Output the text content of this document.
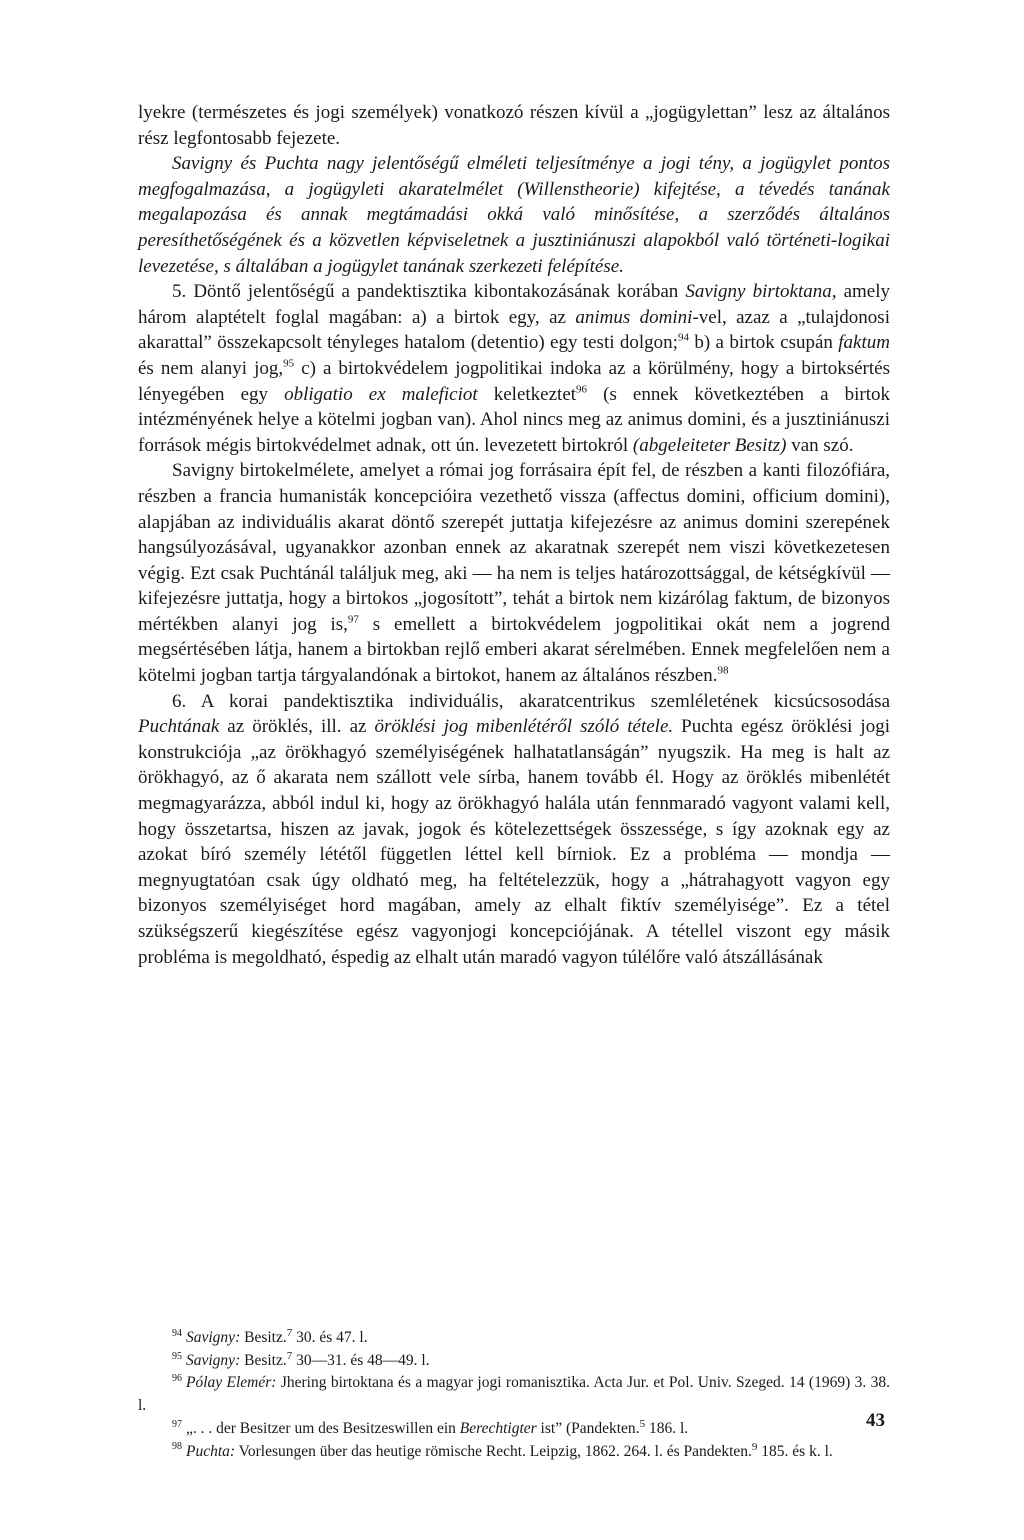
lyekre (természetes és jogi személyek) vonatkozó részen kívül a „jogügylettan” lesz az általános rész legfontosabb fejezete.

Savigny és Puchta nagy jelentőségű elméleti teljesítménye a jogi tény, a jogügylet pontos megfogalmazása, a jogügyleti akaratelmélet (Willenstheorie) kifejtése, a tévedés tanának megalapozása és annak megtámadási okká való minősítése, a szerződés általános peresíthetőségének és a közvetlen képviseletnek a jusztiniánuszi alapokból való történeti-logikai levezetése, s általában a jogügylet tanának szerkezeti felépítése.

5. Döntő jelentőségű a pandektisztika kibontakozásának korában Savigny birtoktana, amely három alaptételt foglal magában: a) a birtok egy, az animus domini-vel, azaz a „tulajdonosi akarattal” összekapcsolt tényleges hatalom (detentio) egy testi dolgon;$^{94}$ b) a birtok csupán faktum és nem alanyi jog,$^{95}$ c) a birtokvédelem jogpolitikai indoka az a körülmény, hogy a birtoksértés lényegében egy obligatio ex maleficiot keletkeztet$^{96}$ (s ennek következtében a birtok intézményének helye a kötelmi jogban van). Ahol nincs meg az animus domini, és a jusztiniánuszi források mégis birtokvédelmet adnak, ott ún. levezetett birtokról (abgeleiteter Besitz) van szó.

Savigny birtokelmélete, amelyet a római jog forrásaira épít fel, de részben a kanti filozófiára, részben a francia humanisták koncepcióira vezethető vissza (affectus domini, officium domini), alapjában az individuális akarat döntő szerepét juttatja kifejezésre az animus domini szerepének hangsúlyozásával, ugyanakkor azonban ennek az akaratnak szerepét nem viszi következetesen végig. Ezt csak Puchtánál találjuk meg, aki — ha nem is teljes határozottsággal, de kétségkívül — kifejezésre juttatja, hogy a birtokos „jogosított”, tehát a birtok nem kizárólag faktum, de bizonyos mértékben alanyi jog is,$^{97}$ s emellett a birtokvédelem jogpolitikai okát nem a jogrend megsértésében látja, hanem a birtokban rejlő emberi akarat sérelmében. Ennek megfelelően nem a kötelmi jogban tartja tárgyalandónak a birtokot, hanem az általános részben.$^{98}$

6. A korai pandektisztika individuális, akaratcentrikus szemléletének kicsúcsosodása Puchtának az öröklés, ill. az öröklési jog mibenlétéről szóló tétele. Puchta egész öröklési jogi konstrukciója „az örökhagyó személyiségének halhatatlanságán” nyugszik. Ha meg is halt az örökhagyó, az ő akarata nem szállott vele sírba, hanem tovább él. Hogy az öröklés mibenlétét megmagyarázza, abból indul ki, hogy az örökhagyó halála után fennmaradó vagyont valami kell, hogy összetartsa, hiszen az javak, jogok és kötelezettségek összessége, s így azoknak egy az azokat bíró személy lététől független léttel kell bírniok. Ez a probléma — mondja — megnyugtatóan csak úgy oldható meg, ha feltételezzük, hogy a „hátrahagyott vagyon egy bizonyos személyiséget hord magában, amely az elhalt fiktív személyisége”. Ez a tétel szükségszerű kiegészítése egész vagyonjogi koncepciójának. A tétellel viszont egy másik probléma is megoldható, éspedig az elhalt után maradó vagyon túlélőre való átszállásának

$^{94}$ Savigny: Besitz.$^7$ 30. és 47. l.

$^{95}$ Savigny: Besitz.$^7$ 30—31. és 48—49. l.

$^{96}$ Pólay Elemér: Jhering birtoktana és a magyar jogi romanisztika. Acta Jur. et Pol. Univ. Szeged. 14 (1969) 3. 38. l.

$^{97}$ „. . . der Besitzer um des Besitzeswillen ein Berechtigter ist” (Pandekten.$^5$ 186. l.

$^{98}$ Puchta: Vorlesungen über das heutige römische Recht. Leipzig, 1862. 264. l. és Pandekten.$^9$ 185. és k. l.

43
